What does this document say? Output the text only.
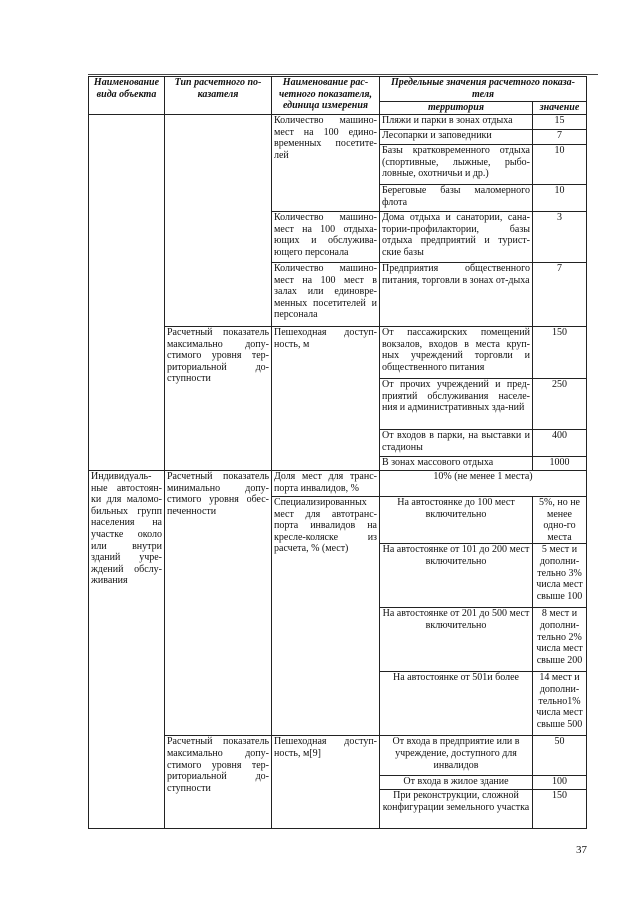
Наименование вида объекта	Тип расчетного по-казателя	Наименование рас-четного показателя, единица измерения	Предельные значения расчетного показа-теля	
			территория	значение
		Количество машино-мест на 100 едино-временных посетите-лей	Пляжи и парки в зонах отдыха	15
			Лесопарки и заповедники	7
			Базы кратковременного отдыха (спортивные, лыжные, рыбо-ловные, охотничьи и др.)	10
			Береговые базы маломерного флота	10
		Количество машино-мест на 100 отдыха-ющих и обслужива-ющего персонала	Дома отдыха и санатории, сана-тории-профилактории, базы отдыха предприятий и турист-ские базы	3
		Количество машино-мест на 100 мест в залах или единовре-менных посетителей и персонала	Предприятия общественного питания, торговли в зонах от-дыха	7
	Расчетный показатель максимально допу-стимого уровня тер-риториальной до-ступности	Пешеходная доступ-ность, м	От пассажирских помещений вокзалов, входов в места круп-ных учреждений торговли и общественного питания	150
			От прочих учреждений и пред-приятий обслуживания населе-ния и административных зда-ний	250
			От входов в парки, на выставки и стадионы	400
			В зонах массового отдыха	1000
Индивидуаль-ные автостоян-ки для маломо-бильных групп населения на участке около или внутри зданий учре-ждений обслу-живания	Расчетный показатель минимально допу-стимого уровня обес-печенности	Доля мест для транс-порта инвалидов, %	10% (не менее 1 места)	
		Специализированных мест для автотранс-порта инвалидов на кресле-коляске из расчета, % (мест)	На автостоянке до 100 мест включительно	5%, но не менее одно-го места
			На автостоянке от 101 до 200 мест включительно	5 мест и дополни-тельно 3% числа мест свыше 100
			На автостоянке от 201 до 500 мест включительно	8 мест и дополни-тельно 2% числа мест свыше 200
			На автостоянке от 501и более	14 мест и дополни-тельно1% числа мест свыше 500
	Расчетный показатель максимально допу-стимого уровня тер-риториальной до-ступности	Пешеходная доступ-ность, м[9]	От входа в предприятие или в учреждение, доступного для инвалидов	50
			От входа в жилое здание	100
			При реконструкции, сложной конфигурации земельного участка	150
37
